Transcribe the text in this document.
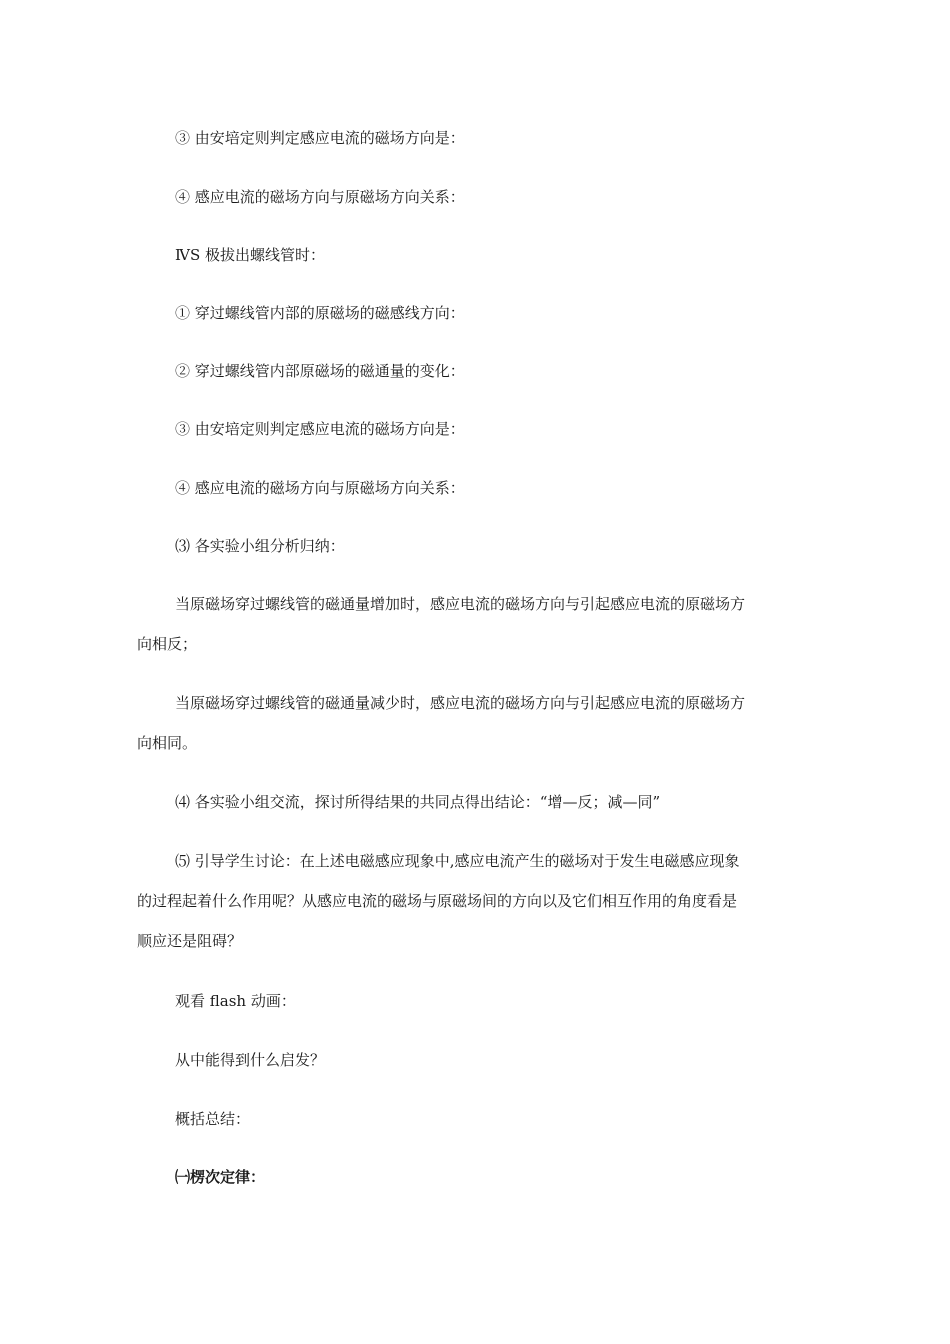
③ 由安培定则判定感应电流的磁场方向是：
④ 感应电流的磁场方向与原磁场方向关系：
ⅣS 极拔出螺线管时：
① 穿过螺线管内部的原磁场的磁感线方向：
② 穿过螺线管内部原磁场的磁通量的变化：
③ 由安培定则判定感应电流的磁场方向是：
④ 感应电流的磁场方向与原磁场方向关系：
⑶ 各实验小组分析归纳：
当原磁场穿过螺线管的磁通量增加时，感应电流的磁场方向与引起感应电流的原磁场方
向相反；
当原磁场穿过螺线管的磁通量减少时，感应电流的磁场方向与引起感应电流的原磁场方
向相同。
⑷ 各实验小组交流，探讨所得结果的共同点得出结论：“增—反；减—同”
⑸ 引导学生讨论：在上述电磁感应现象中,感应电流产生的磁场对于发生电磁感应现象
的过程起着什么作用呢？从感应电流的磁场与原磁场间的方向以及它们相互作用的角度看是
顺应还是阻碍？
观看 flash 动画：
从中能得到什么启发？
概括总结：
㈠楞次定律：
